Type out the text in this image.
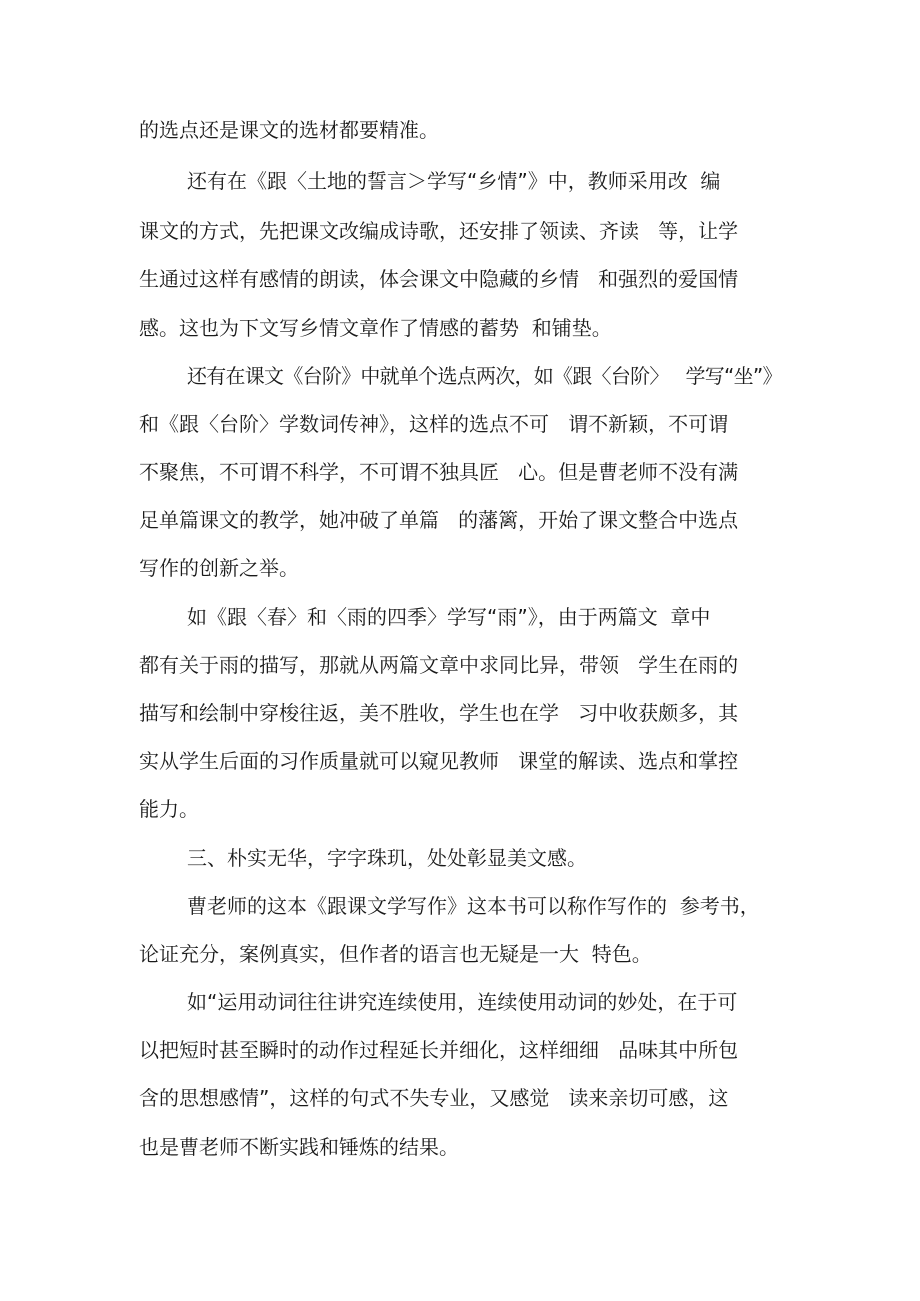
的选点还是课文的选材都要精准。
还有在《跟〈土地的誓言＞学写“乡情”》中，教师采用改  编
课文的方式，先把课文改编成诗歌，还安排了领读、齐读   等，让学
生通过这样有感情的朗读，体会课文中隐藏的乡情   和强烈的爱国情
感。这也为下文写乡情文章作了情感的蓄势  和铺垫。
还有在课文《台阶》中就单个选点两次，如《跟〈台阶〉   学写“坐”》
和《跟〈台阶〉学数词传神》，这样的选点不可   谓不新颖，不可谓
不聚焦，不可谓不科学，不可谓不独具匠   心。但是曹老师不没有满
足单篇课文的教学，她冲破了单篇   的藩篱，开始了课文整合中选点
写作的创新之举。
如《跟〈春〉和〈雨的四季〉学写“雨”》，由于两篇文  章中
都有关于雨的描写，那就从两篇文章中求同比异，带领   学生在雨的
描写和绘制中穿梭往返，美不胜收，学生也在学   习中收获颇多，其
实从学生后面的习作质量就可以窥见教师   课堂的解读、选点和掌控
能力。
三、朴实无华，字字珠玑，处处彰显美文感。
曹老师的这本《跟课文学写作》这本书可以称作写作的  参考书，
论证充分，案例真实，但作者的语言也无疑是一大  特色。
如“运用动词往往讲究连续使用，连续使用动词的妙处，在于可
以把短时甚至瞬时的动作过程延长并细化，这样细细   品味其中所包
含的思想感情”，这样的句式不失专业，又感觉   读来亲切可感，这
也是曹老师不断实践和锤炼的结果。
